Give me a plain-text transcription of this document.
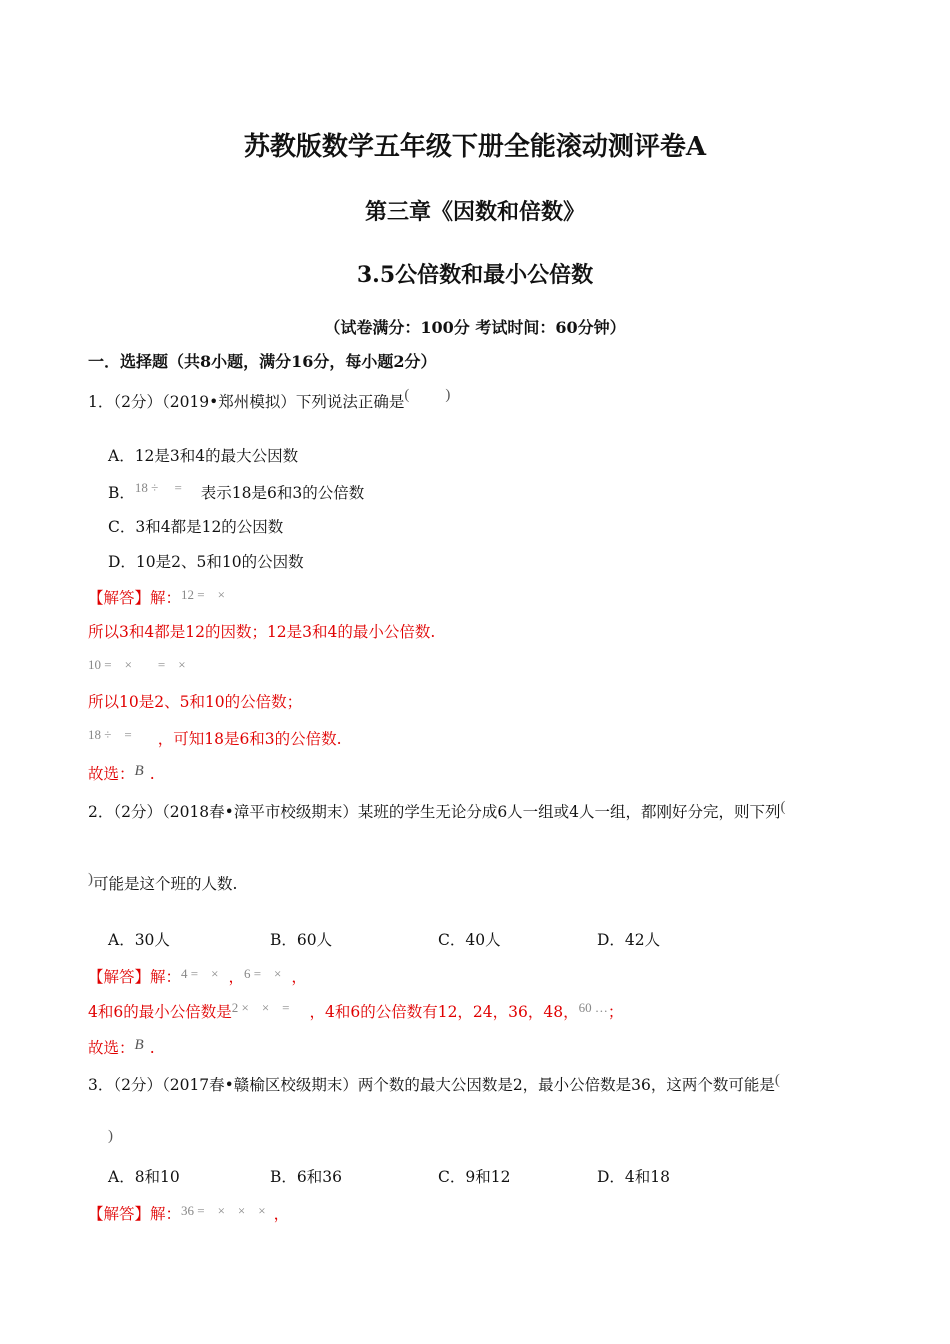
苏教版数学五年级下册全能滚动测评卷A
第三章《因数和倍数》
3.5公倍数和最小公倍数
（试卷满分：100分 考试时间：60分钟）
一．选择题（共8小题，满分16分，每小题2分）
1．（2分）（2019•郑州模拟）下列说法正确是( )
A．12是3和4的最大公因数
B．$^{18 \div =}$ 表示18是6和3的公倍数
C．3和4都是12的公因数
D．10是2、5和10的公因数
【解答】解：$^{12 = \times}$
所以3和4都是12的因数；12是3和4的最小公倍数.
10 =　×　　=　×
所以10是2、5和10的公倍数；
$^{18 \div =}$ ，可知18是6和3的公倍数.
故选：B .
2．（2分）（2018春•漳平市校级期末）某班的学生无论分成6人一组或4人一组，都刚好分完，则下列(
)可能是这个班的人数.
A．30人	B．60人	C．40人	D．42人
【解答】解：$^{4 = \times}$ ，$^{6 = \times}$ ，
4和6的最小公倍数是$^{2 \times \times =}$ ，4和6的公倍数有12，24，36，48，$^{60 \dots}$；
故选：B .
3．（2分）（2017春•赣榆区校级期末）两个数的最大公因数是2，最小公倍数是36，这两个数可能是(
)
A．8和10	B．6和36	C．9和12	D．4和18
【解答】解：$^{36 = \times \times \times}$ ，
